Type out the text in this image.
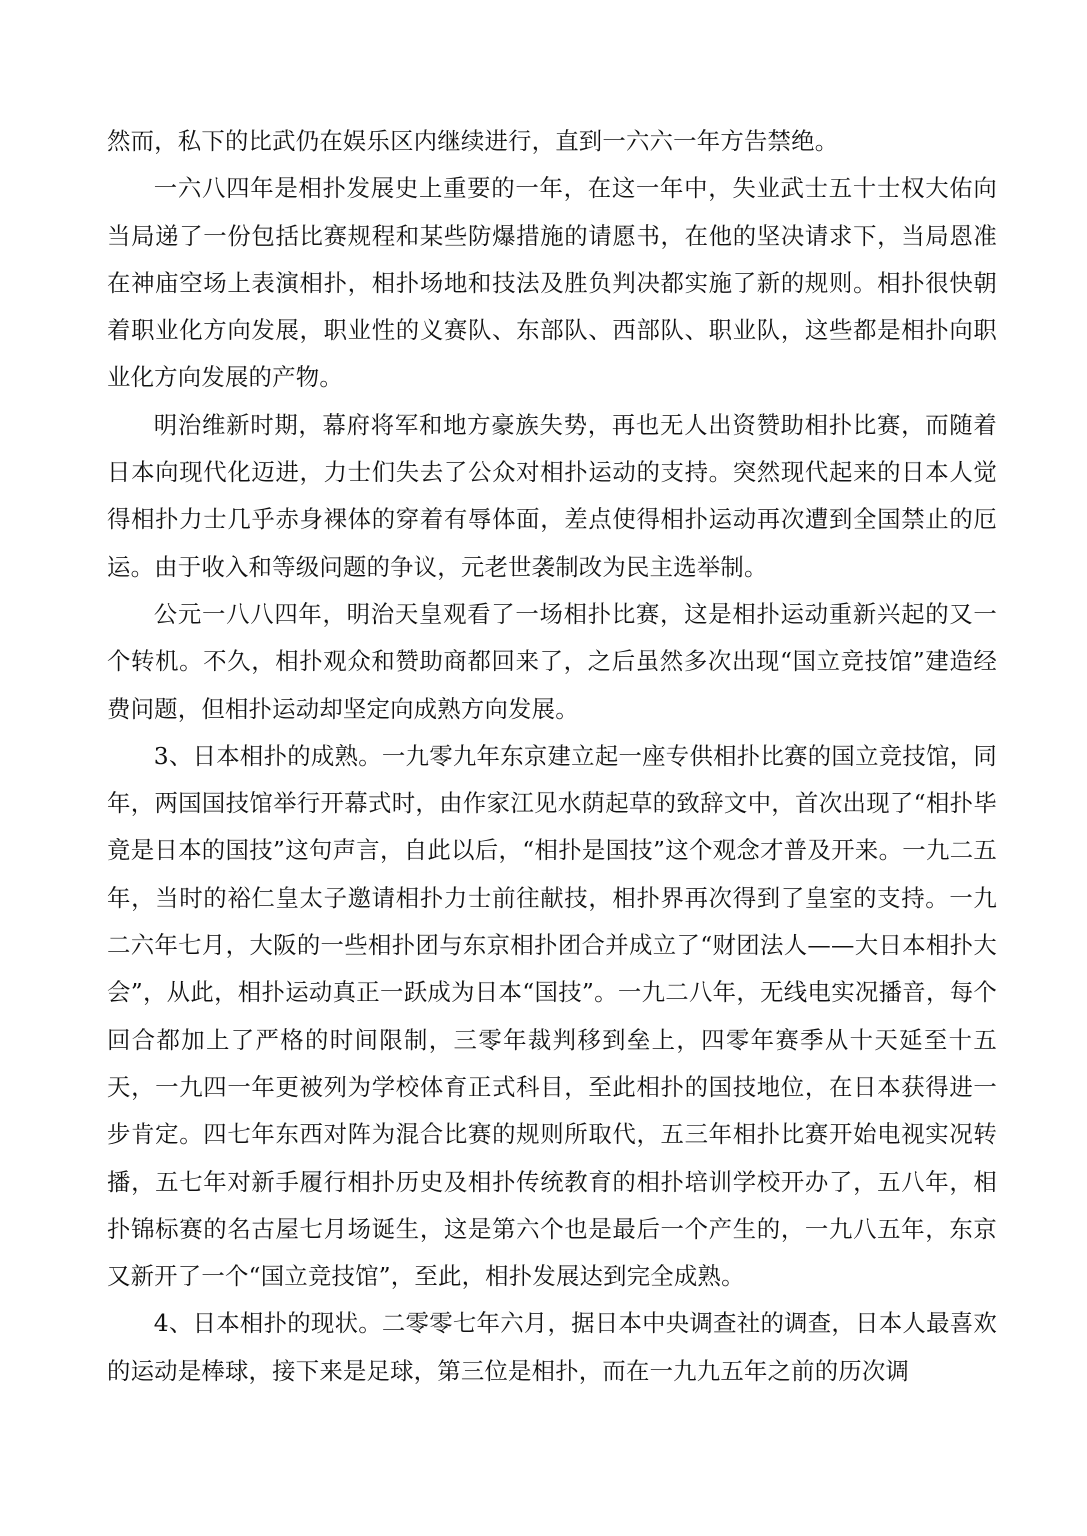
然而，私下的比武仍在娱乐区内继续进行，直到一六六一年方告禁绝。

一六八四年是相扑发展史上重要的一年，在这一年中，失业武士五十士权大佑向当局递了一份包括比赛规程和某些防爆措施的请愿书，在他的坚决请求下，当局恩准在神庙空场上表演相扑，相扑场地和技法及胜负判决都实施了新的规则。相扑很快朝着职业化方向发展，职业性的义赛队、东部队、西部队、职业队，这些都是相扑向职业化方向发展的产物。

明治维新时期，幕府将军和地方豪族失势，再也无人出资赞助相扑比赛，而随着日本向现代化迈进，力士们失去了公众对相扑运动的支持。突然现代起来的日本人觉得相扑力士几乎赤身裸体的穿着有辱体面，差点使得相扑运动再次遭到全国禁止的厄运。由于收入和等级问题的争议，元老世袭制改为民主选举制。

公元一八八四年，明治天皇观看了一场相扑比赛，这是相扑运动重新兴起的又一个转机。不久，相扑观众和赞助商都回来了，之后虽然多次出现“国立竞技馆”建造经费问题，但相扑运动却坚定向成熟方向发展。

3、日本相扑的成熟。一九零九年东京建立起一座专供相扑比赛的国立竞技馆，同年，两国国技馆举行开幕式时，由作家江见水荫起草的致辞文中，首次出现了“相扑毕竟是日本的国技”这句声言，自此以后，“相扑是国技”这个观念才普及开来。一九二五年，当时的裕仁皇太子邀请相扑力士前往献技，相扑界再次得到了皇室的支持。一九二六年七月，大阪的一些相扑团与东京相扑团合并成立了“财团法人——大日本相扑大会”，从此，相扑运动真正一跃成为日本“国技”。一九二八年，无线电实况播音，每个回合都加上了严格的时间限制，三零年裁判移到垒上，四零年赛季从十天延至十五天，一九四一年更被列为学校体育正式科目，至此相扑的国技地位，在日本获得进一步肯定。四七年东西对阵为混合比赛的规则所取代，五三年相扑比赛开始电视实况转播，五七年对新手履行相扑历史及相扑传统教育的相扑培训学校开办了，五八年，相扑锦标赛的名古屋七月场诞生，这是第六个也是最后一个产生的，一九八五年，东京又新开了一个“国立竞技馆”，至此，相扑发展达到完全成熟。

4、日本相扑的现状。二零零七年六月，据日本中央调查社的调查，日本人最喜欢的运动是棒球，接下来是足球，第三位是相扑，而在一九九五年之前的历次调
